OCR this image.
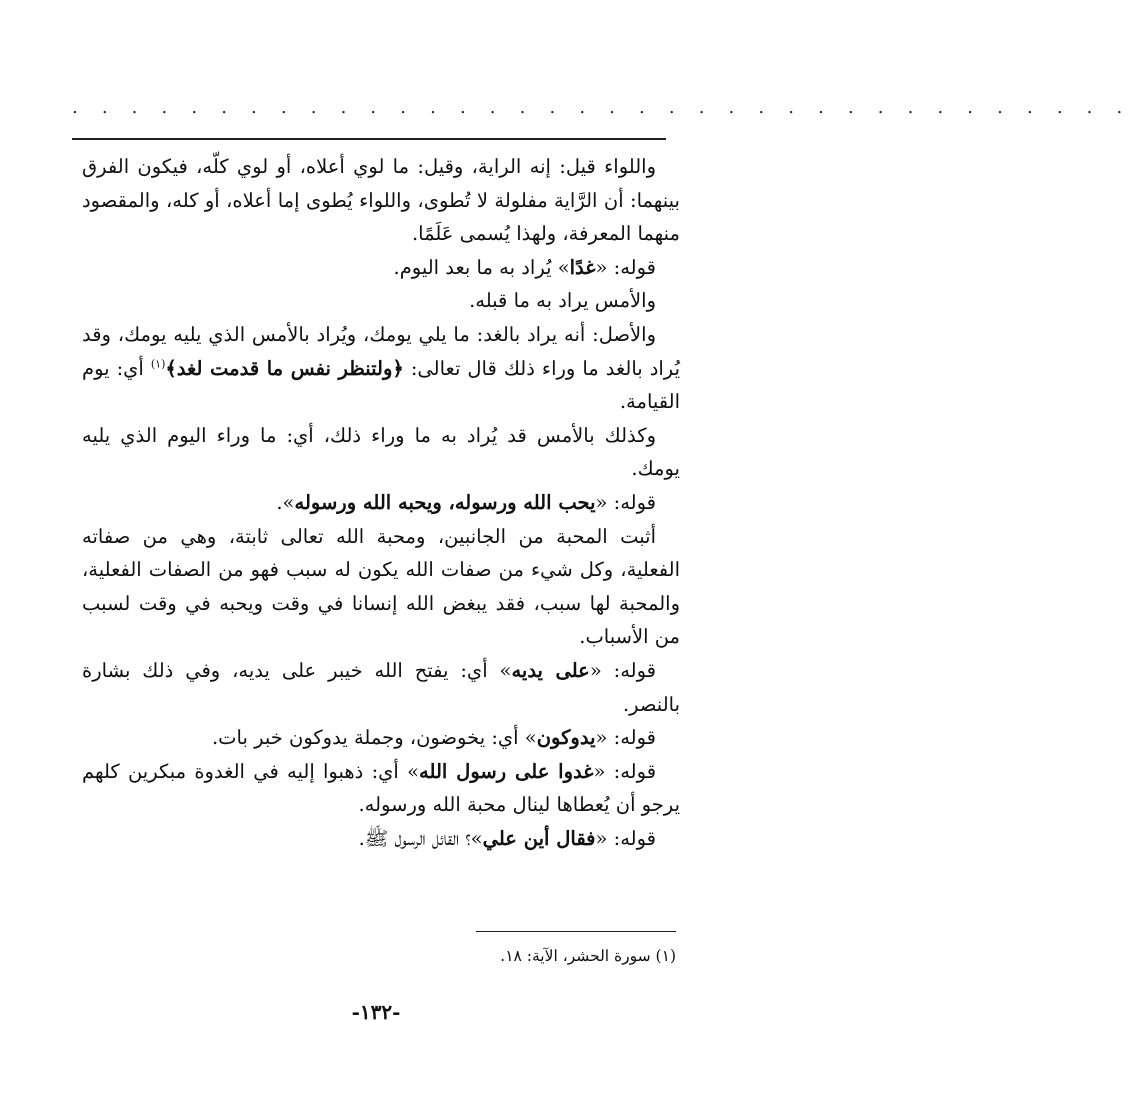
. . . . . . . . . . . . . . . . . . . . . . . . . . . . . . . . . . . .

واللواء قيل: إنه الراية، وقيل: ما لوي أعلاه، أو لوي كلّه، فيكون الفرق بينهما: أن الرَّاية مفلولة لا تُطوى، واللواء يُطوى إما أعلاه، أو كله، والمقصود منهما المعرفة، ولهذا يُسمى عَلَمًا.

قوله: «غدًا» يُراد به ما بعد اليوم.

والأمس يراد به ما قبله.

والأصل: أنه يراد بالغد: ما يلي يومك، ويُراد بالأمس الذي يليه يومك، وقد يُراد بالغد ما وراء ذلك قال تعالى: ﴿ولتنظر نفس ما قدمت لغد﴾$^{(١)}$ أي: يوم القيامة.

وكذلك بالأمس قد يُراد به ما وراء ذلك، أي: ما وراء اليوم الذي يليه يومك.

قوله: «يحب الله ورسوله، ويحبه الله ورسوله».

أثبت المحبة من الجانبين، ومحبة الله تعالى ثابتة، وهي من صفاته الفعلية، وكل شيء من صفات الله يكون له سبب فهو من الصفات الفعلية، والمحبة لها سبب، فقد يبغض الله إنسانا في وقت ويحبه في وقت لسبب من الأسباب.

قوله: «على يديه» أي: يفتح الله خيبر على يديه، وفي ذلك بشارة بالنصر.

قوله: «يدوكون» أي: يخوضون، وجملة يدوكون خبر بات.

قوله: «غدوا على رسول الله» أي: ذهبوا إليه في الغدوة مبكرين كلهم يرجو أن يُعطاها لينال محبة الله ورسوله.

قوله: «فقال أين علي»؟ القائل الرسول ﷺ.

(١) سورة الحشر، الآية: ١٨.
-١٣٢-
